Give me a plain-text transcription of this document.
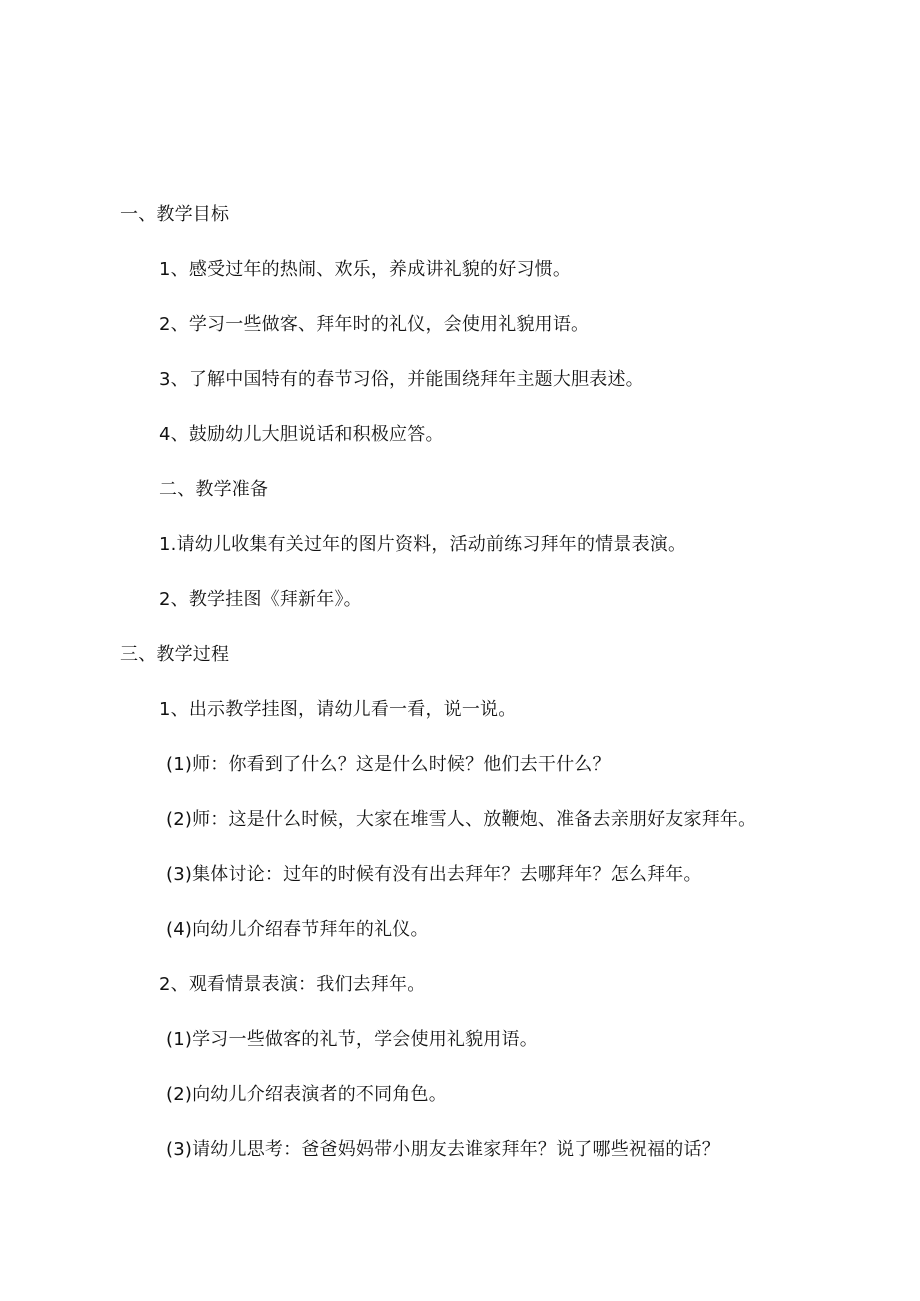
一、教学目标
1、感受过年的热闹、欢乐，养成讲礼貌的好习惯。
2、学习一些做客、拜年时的礼仪，会使用礼貌用语。
3、了解中国特有的春节习俗，并能围绕拜年主题大胆表述。
4、鼓励幼儿大胆说话和积极应答。
二、教学准备
1.请幼儿收集有关过年的图片资料，活动前练习拜年的情景表演。
2、教学挂图《拜新年》。
三、教学过程
1、出示教学挂图，请幼儿看一看，说一说。
(1)师：你看到了什么？这是什么时候？他们去干什么？
(2)师：这是什么时候，大家在堆雪人、放鞭炮、准备去亲朋好友家拜年。
(3)集体讨论：过年的时候有没有出去拜年？去哪拜年？怎么拜年。
(4)向幼儿介绍春节拜年的礼仪。
2、观看情景表演：我们去拜年。
(1)学习一些做客的礼节，学会使用礼貌用语。
(2)向幼儿介绍表演者的不同角色。
(3)请幼儿思考：爸爸妈妈带小朋友去谁家拜年？说了哪些祝福的话？
